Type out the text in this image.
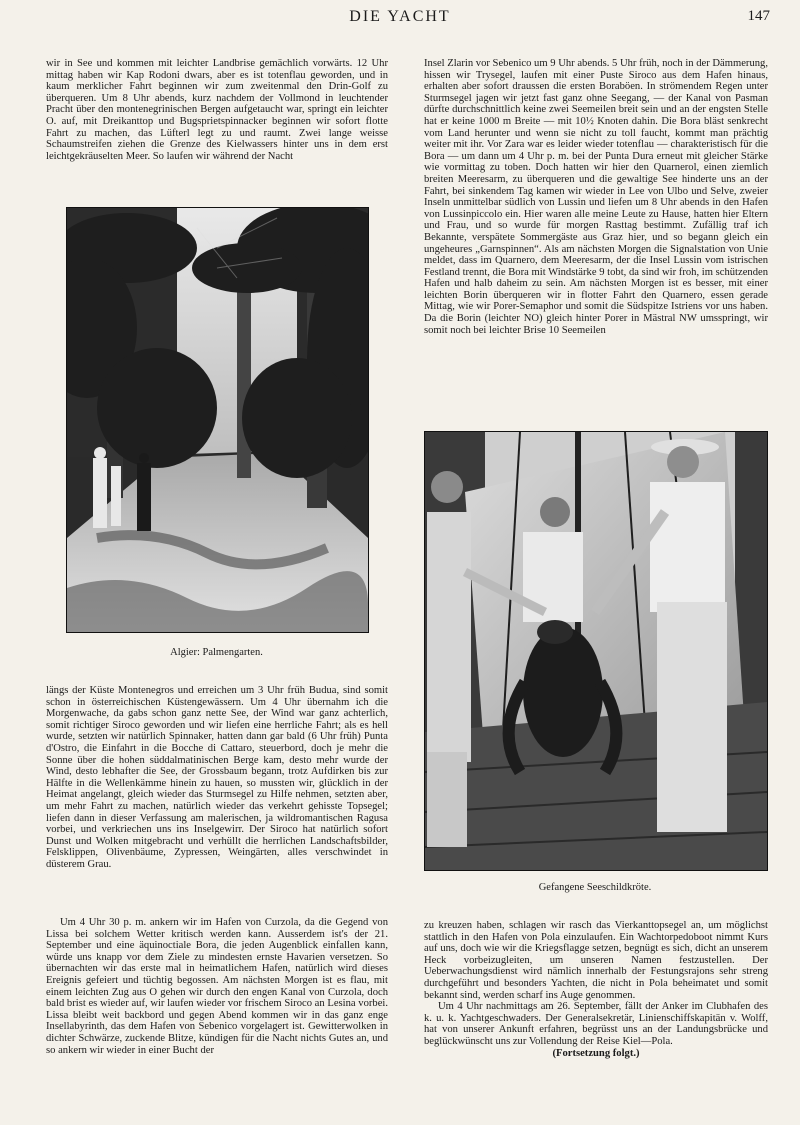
DIE YACHT	147

wir in See und kommen mit leichter Landbrise gemächlich vorwärts. 12 Uhr mittag haben wir Kap Rodoni dwars, aber es ist totenflau geworden, und in kaum merklicher Fahrt beginnen wir zum zweitenmal den Drin-Golf zu überqueren. Um 8 Uhr abends, kurz nachdem der Vollmond in leuchtender Pracht über den montenegrinischen Bergen aufgetaucht war, springt ein leichter O. auf, mit Dreikanttop und Bugsprietspinnacker beginnen wir sofort flotte Fahrt zu machen, das Lüfterl legt zu und raumt. Zwei lange weisse Schaumstreifen ziehen die Grenze des Kielwassers hinter uns in dem erst leichtgekräuselten Meer. So laufen wir während der Nacht

Algier: Palmengarten.

längs der Küste Montenegros und erreichen um 3 Uhr früh Budua, sind somit schon in österreichischen Küstengewässern. Um 4 Uhr übernahm ich die Morgenwache, da gabs schon ganz nette See, der Wind war ganz achterlich, somit richtiger Siroco geworden und wir liefen eine herrliche Fahrt; als es hell wurde, setzten wir natürlich Spinnaker, hatten dann gar bald (6 Uhr früh) Punta d'Ostro, die Einfahrt in die Bocche di Cattaro, steuerbord, doch je mehr die Sonne über die hohen süddalmatinischen Berge kam, desto mehr wurde der Wind, desto lebhafter die See, der Grossbaum begann, trotz Aufdirken bis zur Hälfte in die Wellenkämme hinein zu hauen, so mussten wir, glücklich in der Heimat angelangt, gleich wieder das Sturmsegel zu Hilfe nehmen, setzten aber, um mehr Fahrt zu machen, natürlich wieder das verkehrt gehisste Topsegel; liefen dann in dieser Verfassung am malerischen, ja wildromantischen Ragusa vorbei, und verkriechen uns ins Inselgewirr. Der Siroco hat natürlich sofort Dunst und Wolken mitgebracht und verhüllt die herrlichen Landschaftsbilder, Felsklippen, Olivenbäume, Zypressen, Weingärten, alles verschwindet in düsterem Grau.

Um 4 Uhr 30 p. m. ankern wir im Hafen von Curzola, da die Gegend von Lissa bei solchem Wetter kritisch werden kann. Ausserdem ist's der 21. September und eine äquinoctiale Bora, die jeden Augenblick einfallen kann, würde uns knapp vor dem Ziele zu mindesten ernste Havarien versetzen. So übernachten wir das erste mal in heimatlichem Hafen, natürlich wird dieses Ereignis gefeiert und tüchtig begossen. Am nächsten Morgen ist es flau, mit einem leichten Zug aus O gehen wir durch den engen Kanal von Curzola, doch bald brist es wieder auf, wir laufen wieder vor frischem Siroco an Lesina vorbei. Lissa bleibt weit backbord und gegen Abend kommen wir in das ganz enge Insellabyrinth, das dem Hafen von Sebenico vorgelagert ist. Gewitterwolken in dichter Schwärze, zuckende Blitze, kündigen für die Nacht nichts Gutes an, und so ankern wir wieder in einer Bucht der

Insel Zlarin vor Sebenico um 9 Uhr abends. 5 Uhr früh, noch in der Dämmerung, hissen wir Trysegel, laufen mit einer Puste Siroco aus dem Hafen hinaus, erhalten aber sofort draussen die ersten Boraböen. In strömendem Regen unter Sturmsegel jagen wir jetzt fast ganz ohne Seegang, — der Kanal von Pasman dürfte durchschnittlich keine zwei Seemeilen breit sein und an der engsten Stelle hat er keine 1000 m Breite — mit 10½ Knoten dahin. Die Bora bläst senkrecht vom Land herunter und wenn sie nicht zu toll faucht, kommt man prächtig weiter mit ihr. Vor Zara war es leider wieder totenflau — charakteristisch für die Bora — um dann um 4 Uhr p. m. bei der Punta Dura erneut mit gleicher Stärke wie vormittag zu toben. Doch hatten wir hier den Quarnerol, einen ziemlich breiten Meeresarm, zu überqueren und die gewaltige See hinderte uns an der Fahrt, bei sinkendem Tag kamen wir wieder in Lee von Ulbo und Selve, zweier Inseln unmittelbar südlich von Lussin und liefen um 8 Uhr abends in den Hafen von Lussinpiccolo ein. Hier waren alle meine Leute zu Hause, hatten hier Eltern und Frau, und so wurde für morgen Rasttag bestimmt. Zufällig traf ich Bekannte, verspätete Sommergäste aus Graz hier, und so begann gleich ein ungeheures „Garnspinnen“. Als am nächsten Morgen die Signalstation von Unie meldet, dass im Quarnero, dem Meeresarm, der die Insel Lussin vom istrischen Festland trennt, die Bora mit Windstärke 9 tobt, da sind wir froh, im schützenden Hafen und halb daheim zu sein. Am nächsten Morgen ist es besser, mit einer leichten Borin überqueren wir in flotter Fahrt den Quarnero, essen gerade Mittag, wie wir Porer-Semaphor und somit die Südspitze Istriens vor uns haben. Da die Borin (leichter NO) gleich hinter Porer in Mästral NW umsspringt, wir somit noch bei leichter Brise 10 Seemeilen

Gefangene Seeschildkröte.

zu kreuzen haben, schlagen wir rasch das Vierkanttopsegel an, um möglichst stattlich in den Hafen von Pola einzulaufen. Ein Wachtorpedoboot nimmt Kurs auf uns, doch wie wir die Kriegsflagge setzen, begnügt es sich, dicht an unserem Heck vorbeizugleiten, um unseren Namen festzustellen. Der Ueberwachungsdienst wird nämlich innerhalb der Festungsrajons sehr streng durchgeführt und besonders Yachten, die nicht in Pola beheimatet und somit bekannt sind, werden scharf ins Auge genommen.

Um 4 Uhr nachmittags am 26. September, fällt der Anker im Clubhafen des k. u. k. Yachtgeschwaders. Der Generalsekretär, Linienschiffskapitän v. Wolff, hat von unserer Ankunft erfahren, begrüsst uns an der Landungsbrücke und beglückwünscht uns zur Vollendung der Reise Kiel—Pola.

(Fortsetzung folgt.)
